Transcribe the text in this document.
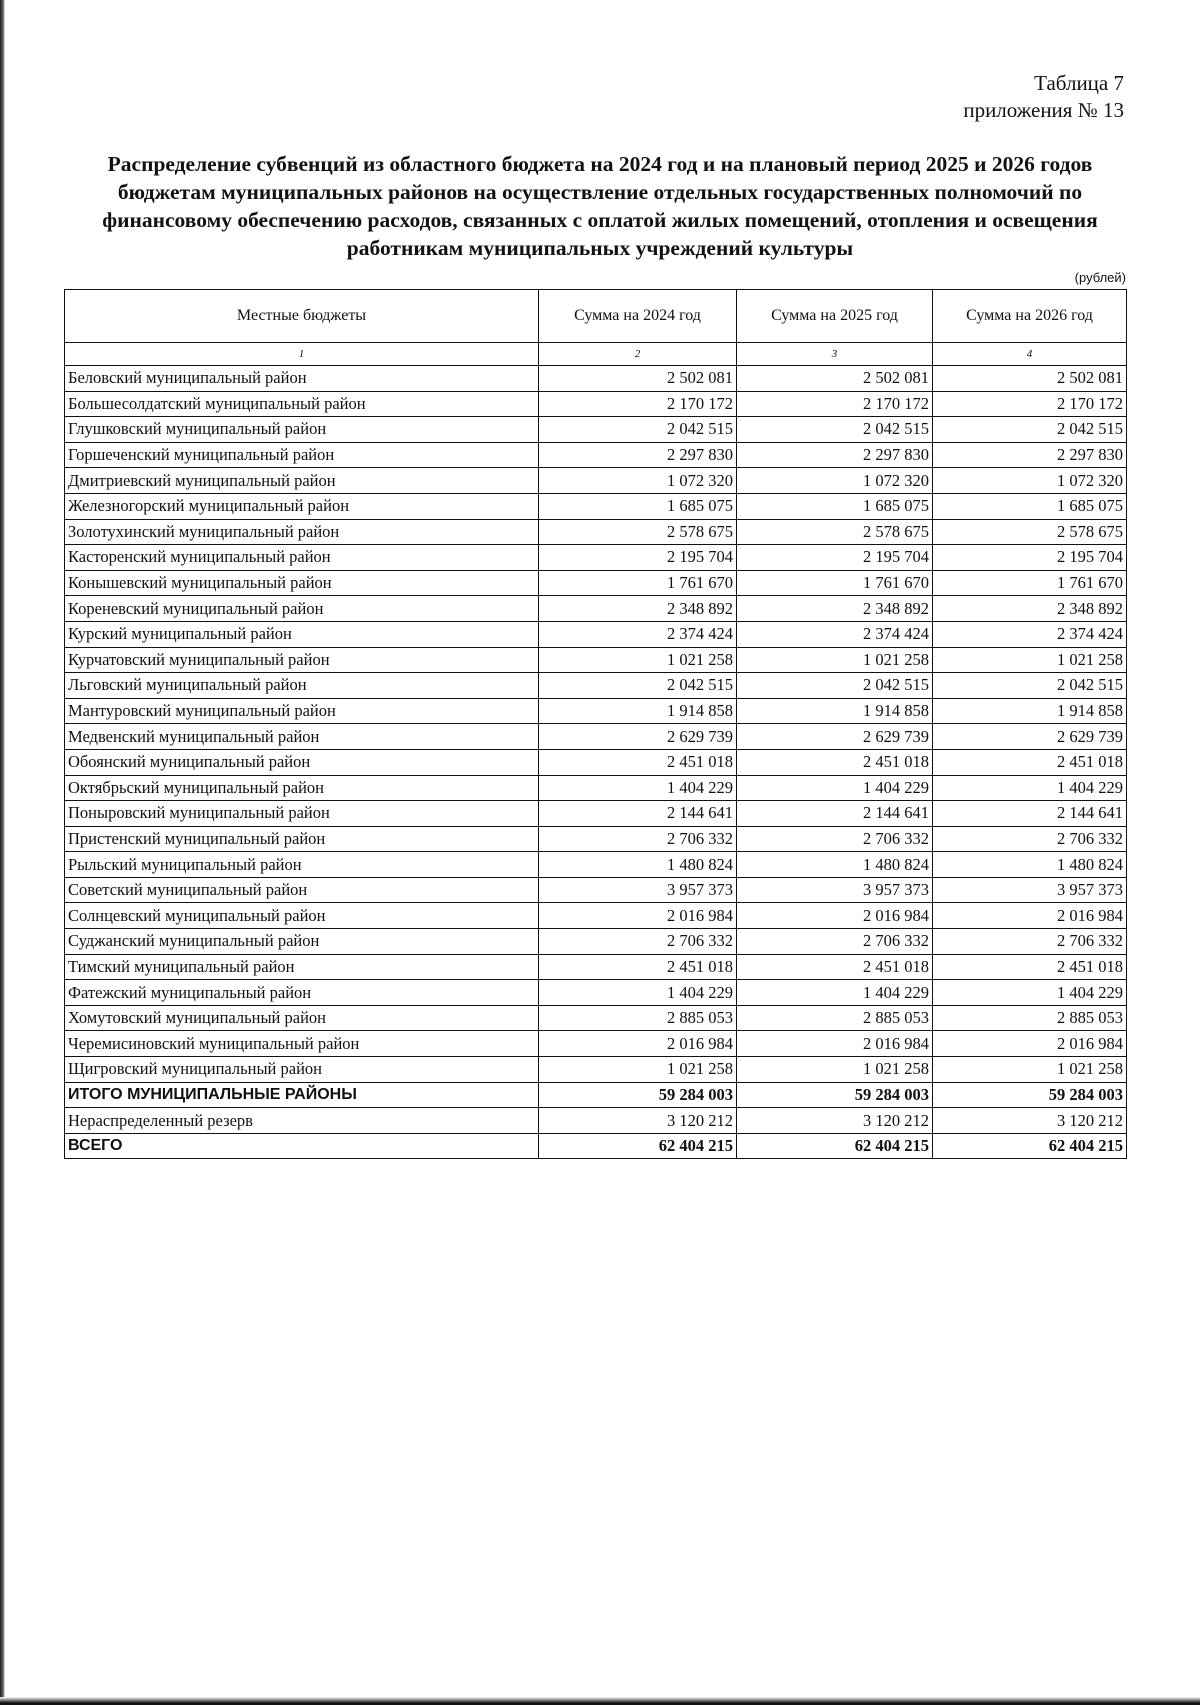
Таблица 7
приложения № 13
Распределение субвенций из областного бюджета на 2024 год и на плановый период 2025 и 2026 годов
бюджетам муниципальных районов на осуществление отдельных государственных полномочий по
финансовому обеспечению расходов, связанных с оплатой жилых помещений, отопления и освещения
работникам муниципальных учреждений культуры
(рублей)
Местные бюджеты	Сумма на 2024 год	Сумма на 2025 год	Сумма на 2026 год
1	2	3	4
Беловский муниципальный район	2 502 081	2 502 081	2 502 081
Большесолдатский муниципальный район	2 170 172	2 170 172	2 170 172
Глушковский муниципальный район	2 042 515	2 042 515	2 042 515
Горшеченский муниципальный район	2 297 830	2 297 830	2 297 830
Дмитриевский муниципальный район	1 072 320	1 072 320	1 072 320
Железногорский муниципальный район	1 685 075	1 685 075	1 685 075
Золотухинский муниципальный район	2 578 675	2 578 675	2 578 675
Касторенский муниципальный район	2 195 704	2 195 704	2 195 704
Конышевский муниципальный район	1 761 670	1 761 670	1 761 670
Кореневский муниципальный район	2 348 892	2 348 892	2 348 892
Курский муниципальный район	2 374 424	2 374 424	2 374 424
Курчатовский муниципальный район	1 021 258	1 021 258	1 021 258
Льговский муниципальный район	2 042 515	2 042 515	2 042 515
Мантуровский муниципальный район	1 914 858	1 914 858	1 914 858
Медвенский муниципальный район	2 629 739	2 629 739	2 629 739
Обоянский муниципальный район	2 451 018	2 451 018	2 451 018
Октябрьский муниципальный район	1 404 229	1 404 229	1 404 229
Поныровский муниципальный район	2 144 641	2 144 641	2 144 641
Пристенский муниципальный район	2 706 332	2 706 332	2 706 332
Рыльский муниципальный район	1 480 824	1 480 824	1 480 824
Советский муниципальный район	3 957 373	3 957 373	3 957 373
Солнцевский муниципальный район	2 016 984	2 016 984	2 016 984
Суджанский муниципальный район	2 706 332	2 706 332	2 706 332
Тимский муниципальный район	2 451 018	2 451 018	2 451 018
Фатежский муниципальный район	1 404 229	1 404 229	1 404 229
Хомутовский муниципальный район	2 885 053	2 885 053	2 885 053
Черемисиновский муниципальный район	2 016 984	2 016 984	2 016 984
Щигровский муниципальный район	1 021 258	1 021 258	1 021 258
ИТОГО МУНИЦИПАЛЬНЫЕ РАЙОНЫ	59 284 003	59 284 003	59 284 003
Нераспределенный резерв	3 120 212	3 120 212	3 120 212
ВСЕГО	62 404 215	62 404 215	62 404 215
